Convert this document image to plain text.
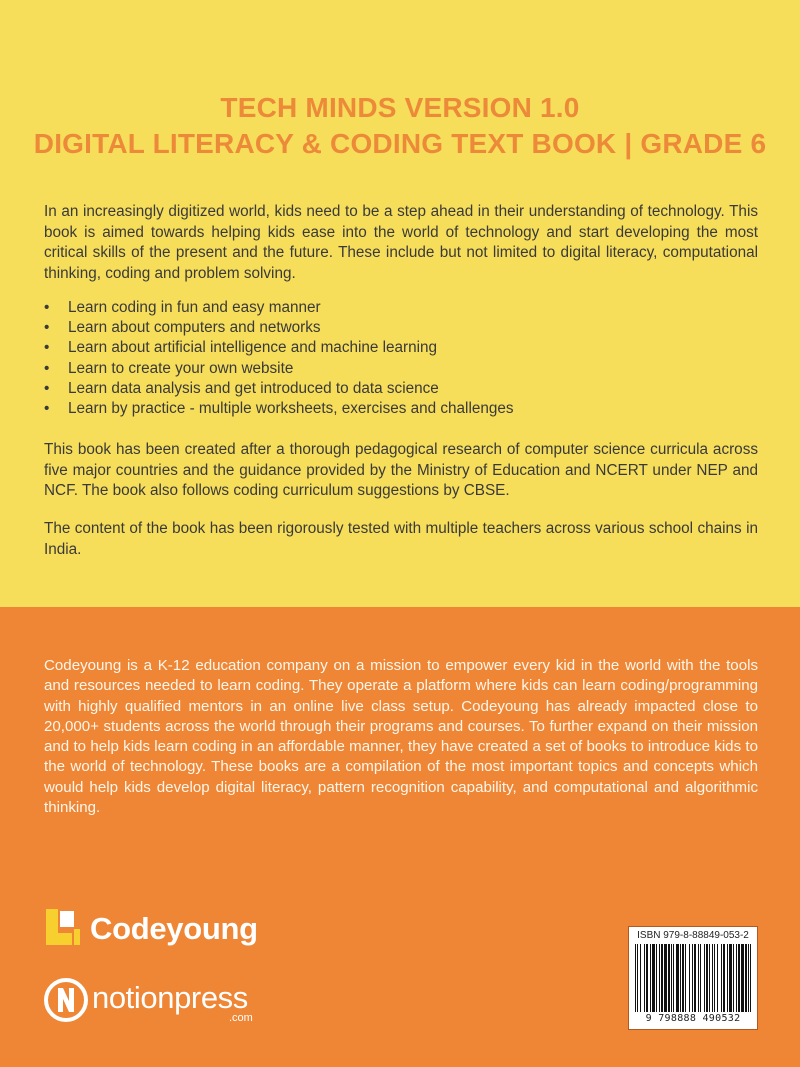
TECH MINDS VERSION 1.0
DIGITAL LITERACY & CODING TEXT BOOK | GRADE 6

In an increasingly digitized world, kids need to be a step ahead in their understanding of technology. This book is aimed towards helping kids ease into the world of technology and start developing the most critical skills of the present and the future. These include but not limited to digital literacy, computational thinking, coding and problem solving.

• Learn coding in fun and easy manner
• Learn about computers and networks
• Learn about artificial intelligence and machine learning
• Learn to create your own website
• Learn data analysis and get introduced to data science
• Learn by practice - multiple worksheets, exercises and challenges

This book has been created after a thorough pedagogical research of computer science curricula across five major countries and the guidance provided by the Ministry of Education and NCERT under NEP and NCF. The book also follows coding curriculum suggestions by CBSE.

The content of the book has been rigorously tested with multiple teachers across various school chains in India.

Codeyoung is a K-12 education company on a mission to empower every kid in the world with the tools and resources needed to learn coding. They operate a platform where kids can learn coding/programming with highly qualified mentors in an online live class setup. Codeyoung has already impacted close to 20,000+ students across the world through their programs and courses. To further expand on their mission and to help kids learn coding in an affordable manner, they have created a set of books to introduce kids to the world of technology. These books are a compilation of the most important topics and concepts which would help kids develop digital literacy, pattern recognition capability, and computational and algorithmic thinking.

Codeyoung
notionpress
.com
ISBN 979-8-88849-053-2
9 798888 490532
